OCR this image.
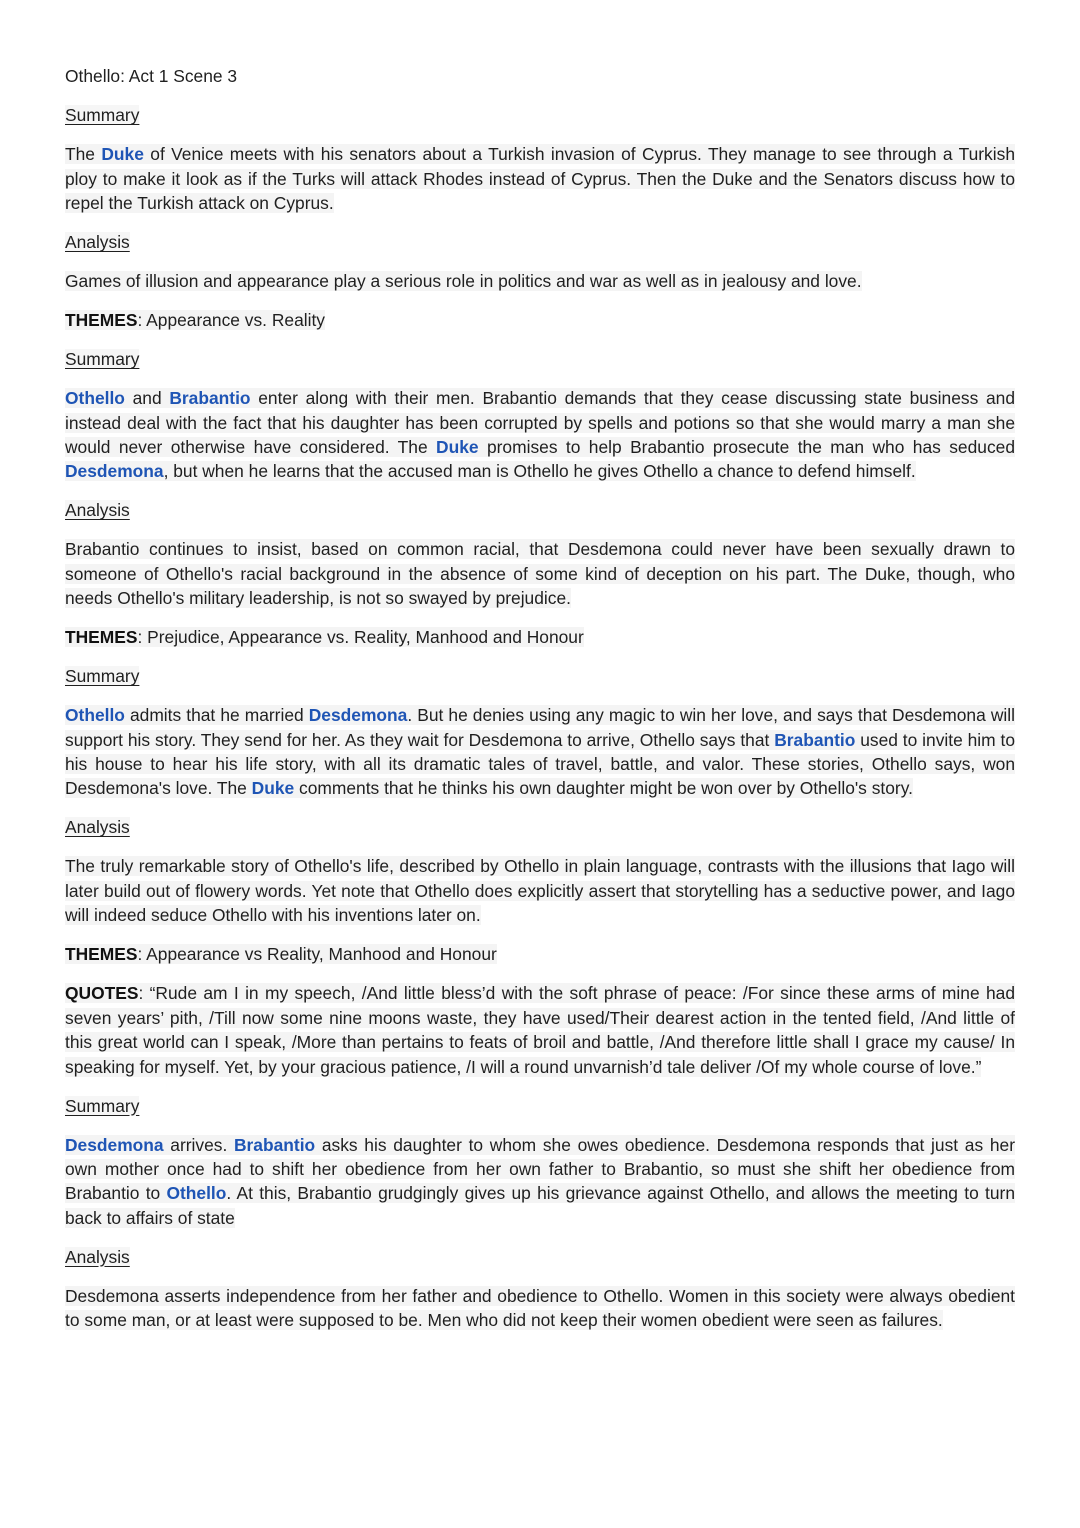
Othello: Act 1 Scene 3
Summary

The Duke of Venice meets with his senators about a Turkish invasion of Cyprus. They manage to see through a Turkish ploy to make it look as if the Turks will attack Rhodes instead of Cyprus. Then the Duke and the Senators discuss how to repel the Turkish attack on Cyprus.

Analysis

Games of illusion and appearance play a serious role in politics and war as well as in jealousy and love.

THEMES: Appearance vs. Reality

Summary

Othello and Brabantio enter along with their men. Brabantio demands that they cease discussing state business and instead deal with the fact that his daughter has been corrupted by spells and potions so that she would marry a man she would never otherwise have considered. The Duke promises to help Brabantio prosecute the man who has seduced Desdemona, but when he learns that the accused man is Othello he gives Othello a chance to defend himself.

Analysis

Brabantio continues to insist, based on common racial, that Desdemona could never have been sexually drawn to someone of Othello's racial background in the absence of some kind of deception on his part. The Duke, though, who needs Othello's military leadership, is not so swayed by prejudice.

THEMES: Prejudice, Appearance vs. Reality, Manhood and Honour

Summary

Othello admits that he married Desdemona. But he denies using any magic to win her love, and says that Desdemona will support his story. They send for her. As they wait for Desdemona to arrive, Othello says that Brabantio used to invite him to his house to hear his life story, with all its dramatic tales of travel, battle, and valor. These stories, Othello says, won Desdemona's love. The Duke comments that he thinks his own daughter might be won over by Othello's story.

Analysis

The truly remarkable story of Othello's life, described by Othello in plain language, contrasts with the illusions that Iago will later build out of flowery words. Yet note that Othello does explicitly assert that storytelling has a seductive power, and Iago will indeed seduce Othello with his inventions later on.

THEMES: Appearance vs Reality, Manhood and Honour

QUOTES: “Rude am I in my speech, /And little bless’d with the soft phrase of peace: /For since these arms of mine had seven years’ pith, /Till now some nine moons waste, they have used/Their dearest action in the tented field, /And little of this great world can I speak, /More than pertains to feats of broil and battle, /And therefore little shall I grace my cause/ In speaking for myself. Yet, by your gracious patience, /I will a round unvarnish’d tale deliver /Of my whole course of love.”

Summary

Desdemona arrives. Brabantio asks his daughter to whom she owes obedience. Desdemona responds that just as her own mother once had to shift her obedience from her own father to Brabantio, so must she shift her obedience from Brabantio to Othello. At this, Brabantio grudgingly gives up his grievance against Othello, and allows the meeting to turn back to affairs of state

Analysis

Desdemona asserts independence from her father and obedience to Othello. Women in this society were always obedient to some man, or at least were supposed to be. Men who did not keep their women obedient were seen as failures.
